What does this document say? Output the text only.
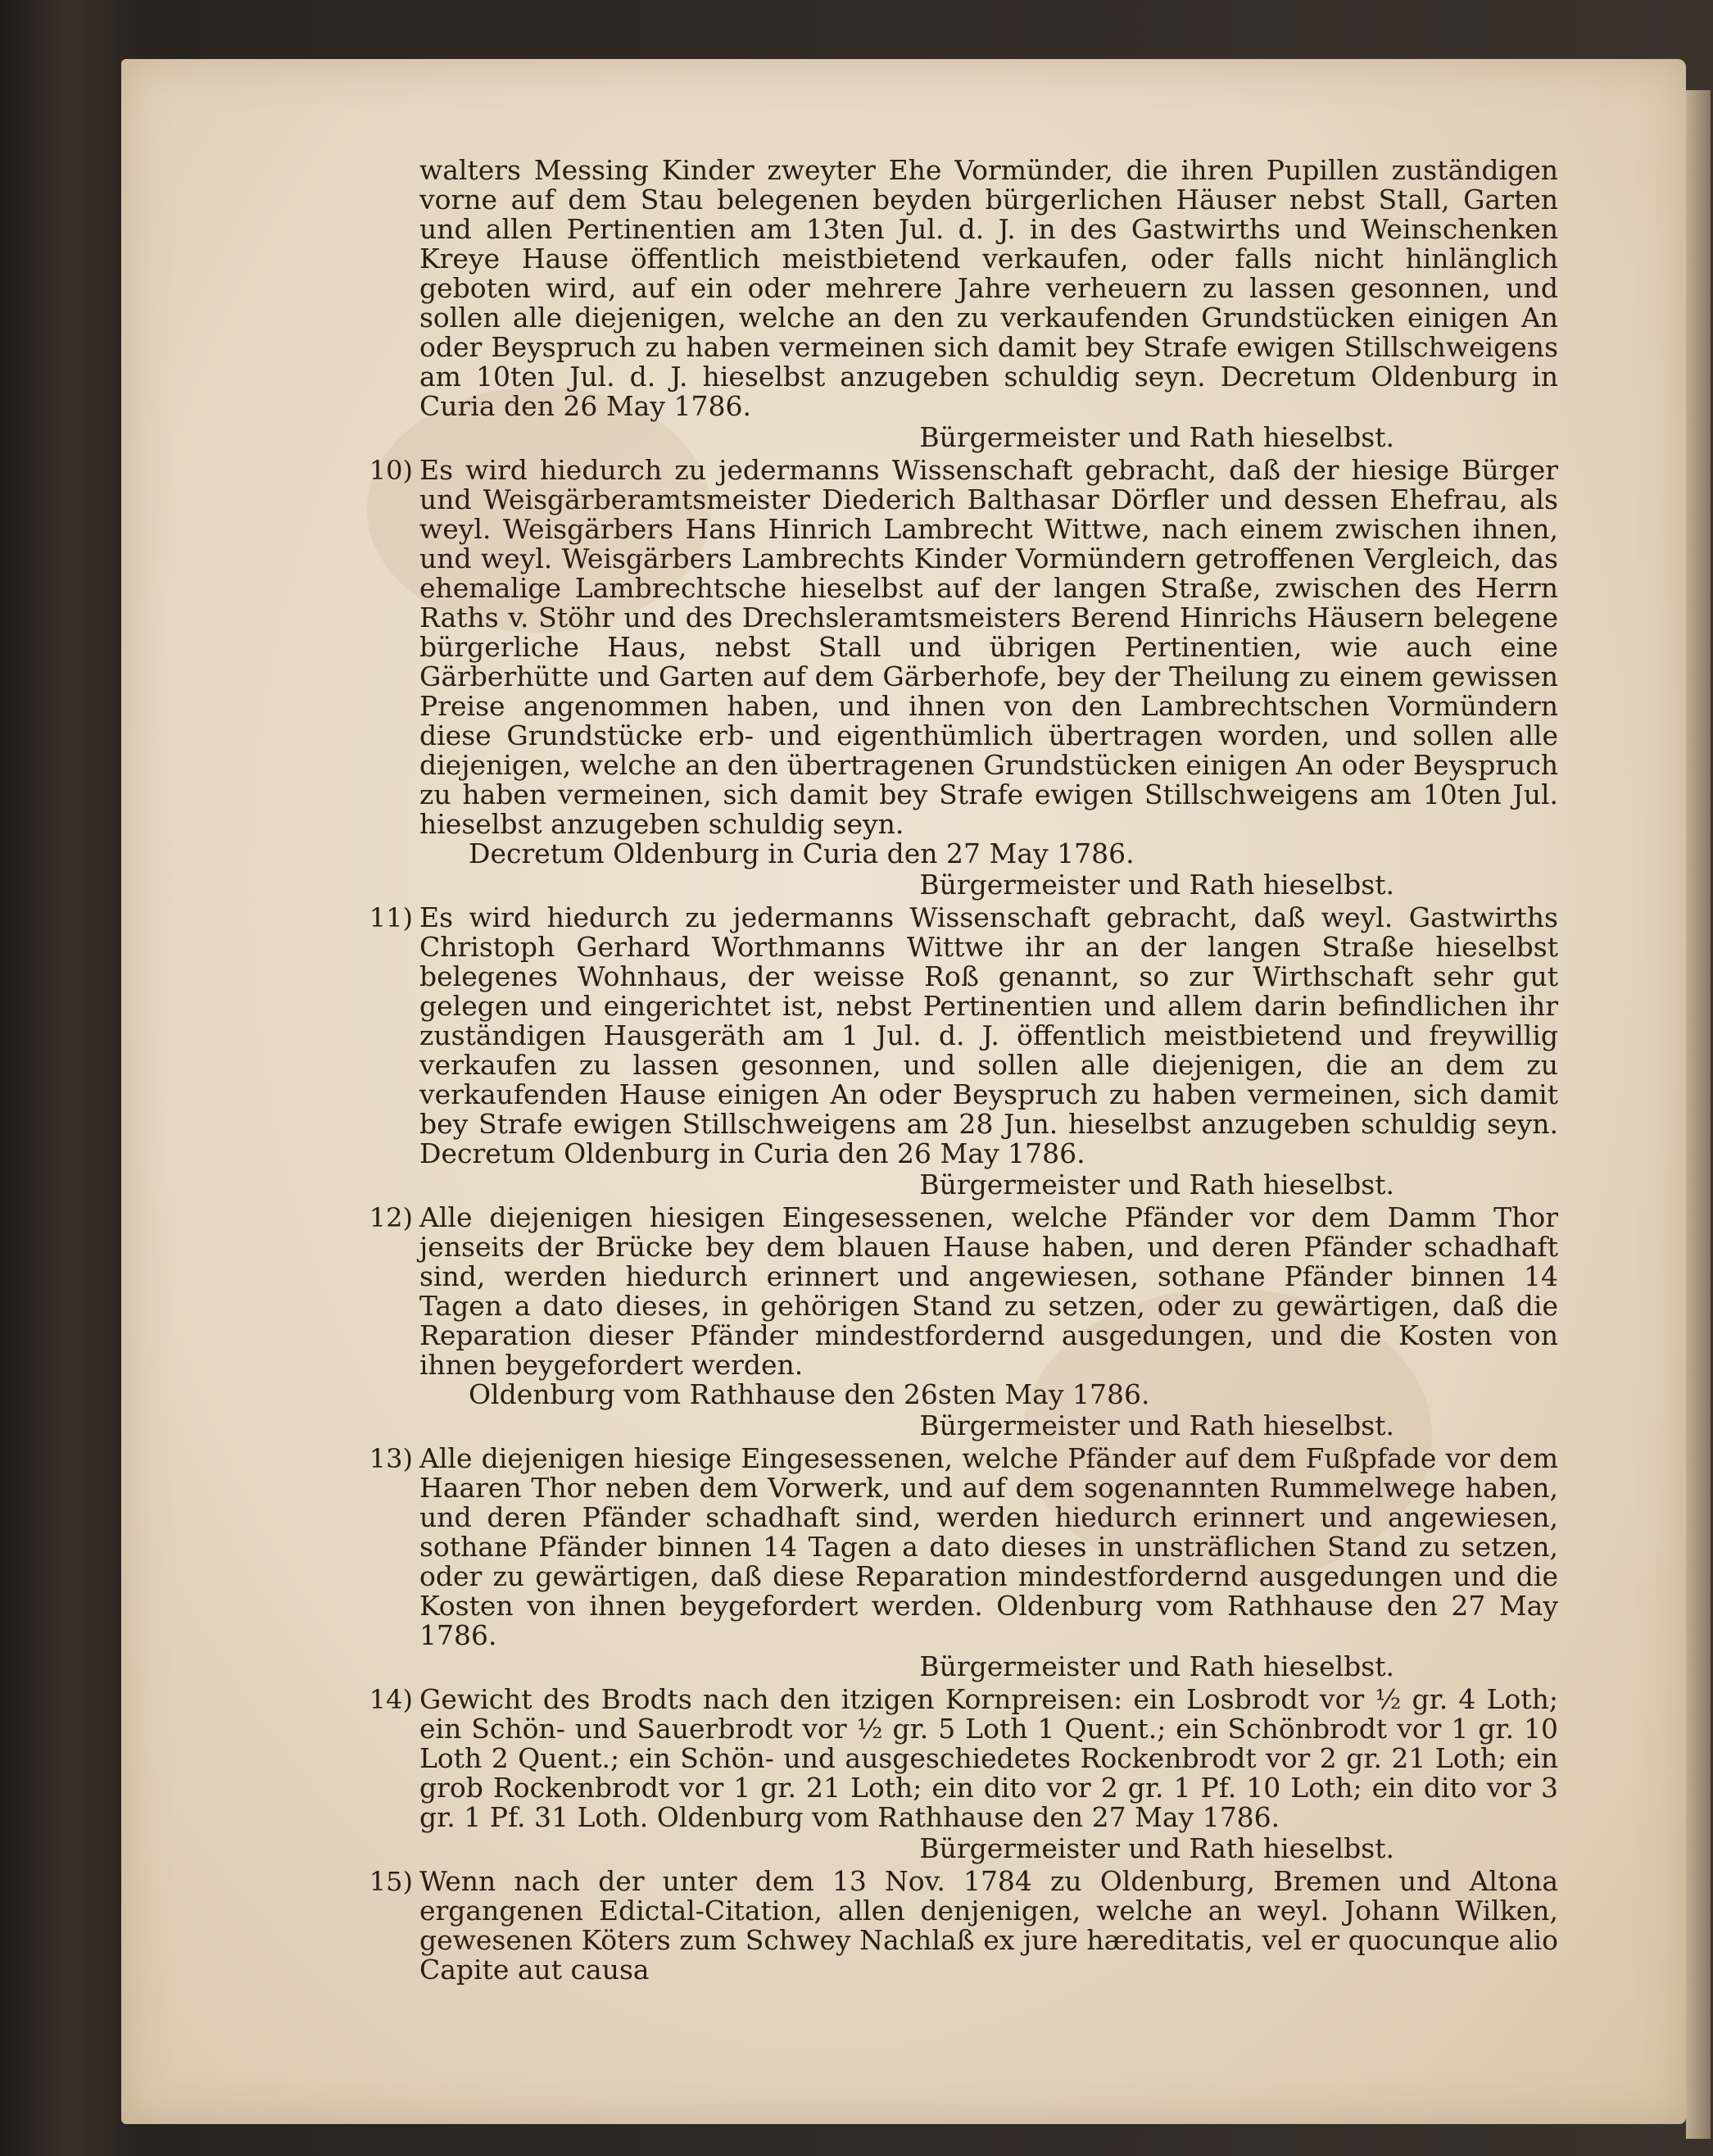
walters Messing Kinder zweyter Ehe Vormünder, die ihren Pupillen zuständigen vorne auf dem Stau belegenen beyden bürgerlichen Häuser nebst Stall, Garten und allen Pertinentien am 13ten Jul. d. J. in des Gastwirths und Weinschenken Kreye Hause öffentlich meistbietend verkaufen, oder falls nicht hinlänglich geboten wird, auf ein oder mehrere Jahre verheuern zu lassen gesonnen, und sollen alle diejenigen, welche an den zu verkaufenden Grundstücken einigen An oder Beyspruch zu haben vermeinen sich damit bey Strafe ewigen Stillschweigens am 10ten Jul. d. J. hieselbst anzugeben schuldig seyn. Decretum Oldenburg in Curia den 26 May 1786.

Bürgermeister und Rath hieselbst.

10) Es wird hiedurch zu jedermanns Wissenschaft gebracht, daß der hiesige Bürger und Weisgärberamtsmeister Diederich Balthasar Dörfler und dessen Ehefrau, als weyl. Weisgärbers Hans Hinrich Lambrecht Wittwe, nach einem zwischen ihnen, und weyl. Weisgärbers Lambrechts Kinder Vormündern getroffenen Vergleich, das ehemalige Lambrechtsche hieselbst auf der langen Straße, zwischen des Herrn Raths v. Stöhr und des Drechsleramtsmeisters Berend Hinrichs Häusern belegene bürgerliche Haus, nebst Stall und übrigen Pertinentien, wie auch eine Gärberhütte und Garten auf dem Gärberhofe, bey der Theilung zu einem gewissen Preise angenommen haben, und ihnen von den Lambrechtschen Vormündern diese Grundstücke erb- und eigenthümlich übertragen worden, und sollen alle diejenigen, welche an den übertragenen Grundstücken einigen An oder Beyspruch zu haben vermeinen, sich damit bey Strafe ewigen Stillschweigens am 10ten Jul. hieselbst anzugeben schuldig seyn.

Decretum Oldenburg in Curia den 27 May 1786.

Bürgermeister und Rath hieselbst.

11) Es wird hiedurch zu jedermanns Wissenschaft gebracht, daß weyl. Gastwirths Christoph Gerhard Worthmanns Wittwe ihr an der langen Straße hieselbst belegenes Wohnhaus, der weisse Roß genannt, so zur Wirthschaft sehr gut gelegen und eingerichtet ist, nebst Pertinentien und allem darin befindlichen ihr zuständigen Hausgeräth am 1 Jul. d. J. öffentlich meistbietend und freywillig verkaufen zu lassen gesonnen, und sollen alle diejenigen, die an dem zu verkaufenden Hause einigen An oder Beyspruch zu haben vermeinen, sich damit bey Strafe ewigen Stillschweigens am 28 Jun. hieselbst anzugeben schuldig seyn. Decretum Oldenburg in Curia den 26 May 1786.

Bürgermeister und Rath hieselbst.

12) Alle diejenigen hiesigen Eingesessenen, welche Pfänder vor dem Damm Thor jenseits der Brücke bey dem blauen Hause haben, und deren Pfänder schadhaft sind, werden hiedurch erinnert und angewiesen, sothane Pfänder binnen 14 Tagen a dato dieses, in gehörigen Stand zu setzen, oder zu gewärtigen, daß die Reparation dieser Pfänder mindestfordernd ausgedungen, und die Kosten von ihnen beygefordert werden.

Oldenburg vom Rathhause den 26sten May 1786.

Bürgermeister und Rath hieselbst.

13) Alle diejenigen hiesige Eingesessenen, welche Pfänder auf dem Fußpfade vor dem Haaren Thor neben dem Vorwerk, und auf dem sogenannten Rummelwege haben, und deren Pfänder schadhaft sind, werden hiedurch erinnert und angewiesen, sothane Pfänder binnen 14 Tagen a dato dieses in unsträflichen Stand zu setzen, oder zu gewärtigen, daß diese Reparation mindestfordernd ausgedungen und die Kosten von ihnen beygefordert werden. Oldenburg vom Rathhause den 27 May 1786.

Bürgermeister und Rath hieselbst.

14) Gewicht des Brodts nach den itzigen Kornpreisen: ein Losbrodt vor ½ gr. 4 Loth; ein Schön- und Sauerbrodt vor ½ gr. 5 Loth 1 Quent.; ein Schönbrodt vor 1 gr. 10 Loth 2 Quent.; ein Schön- und ausgeschiedetes Rockenbrodt vor 2 gr. 21 Loth; ein grob Rockenbrodt vor 1 gr. 21 Loth; ein dito vor 2 gr. 1 Pf. 10 Loth; ein dito vor 3 gr. 1 Pf. 31 Loth. Oldenburg vom Rathhause den 27 May 1786.

Bürgermeister und Rath hieselbst.

15) Wenn nach der unter dem 13 Nov. 1784 zu Oldenburg, Bremen und Altona ergangenen Edictal-Citation, allen denjenigen, welche an weyl. Johann Wilken, gewesenen Köters zum Schwey Nachlaß ex jure hæreditatis, vel er quocunque alio Capite aut causa
